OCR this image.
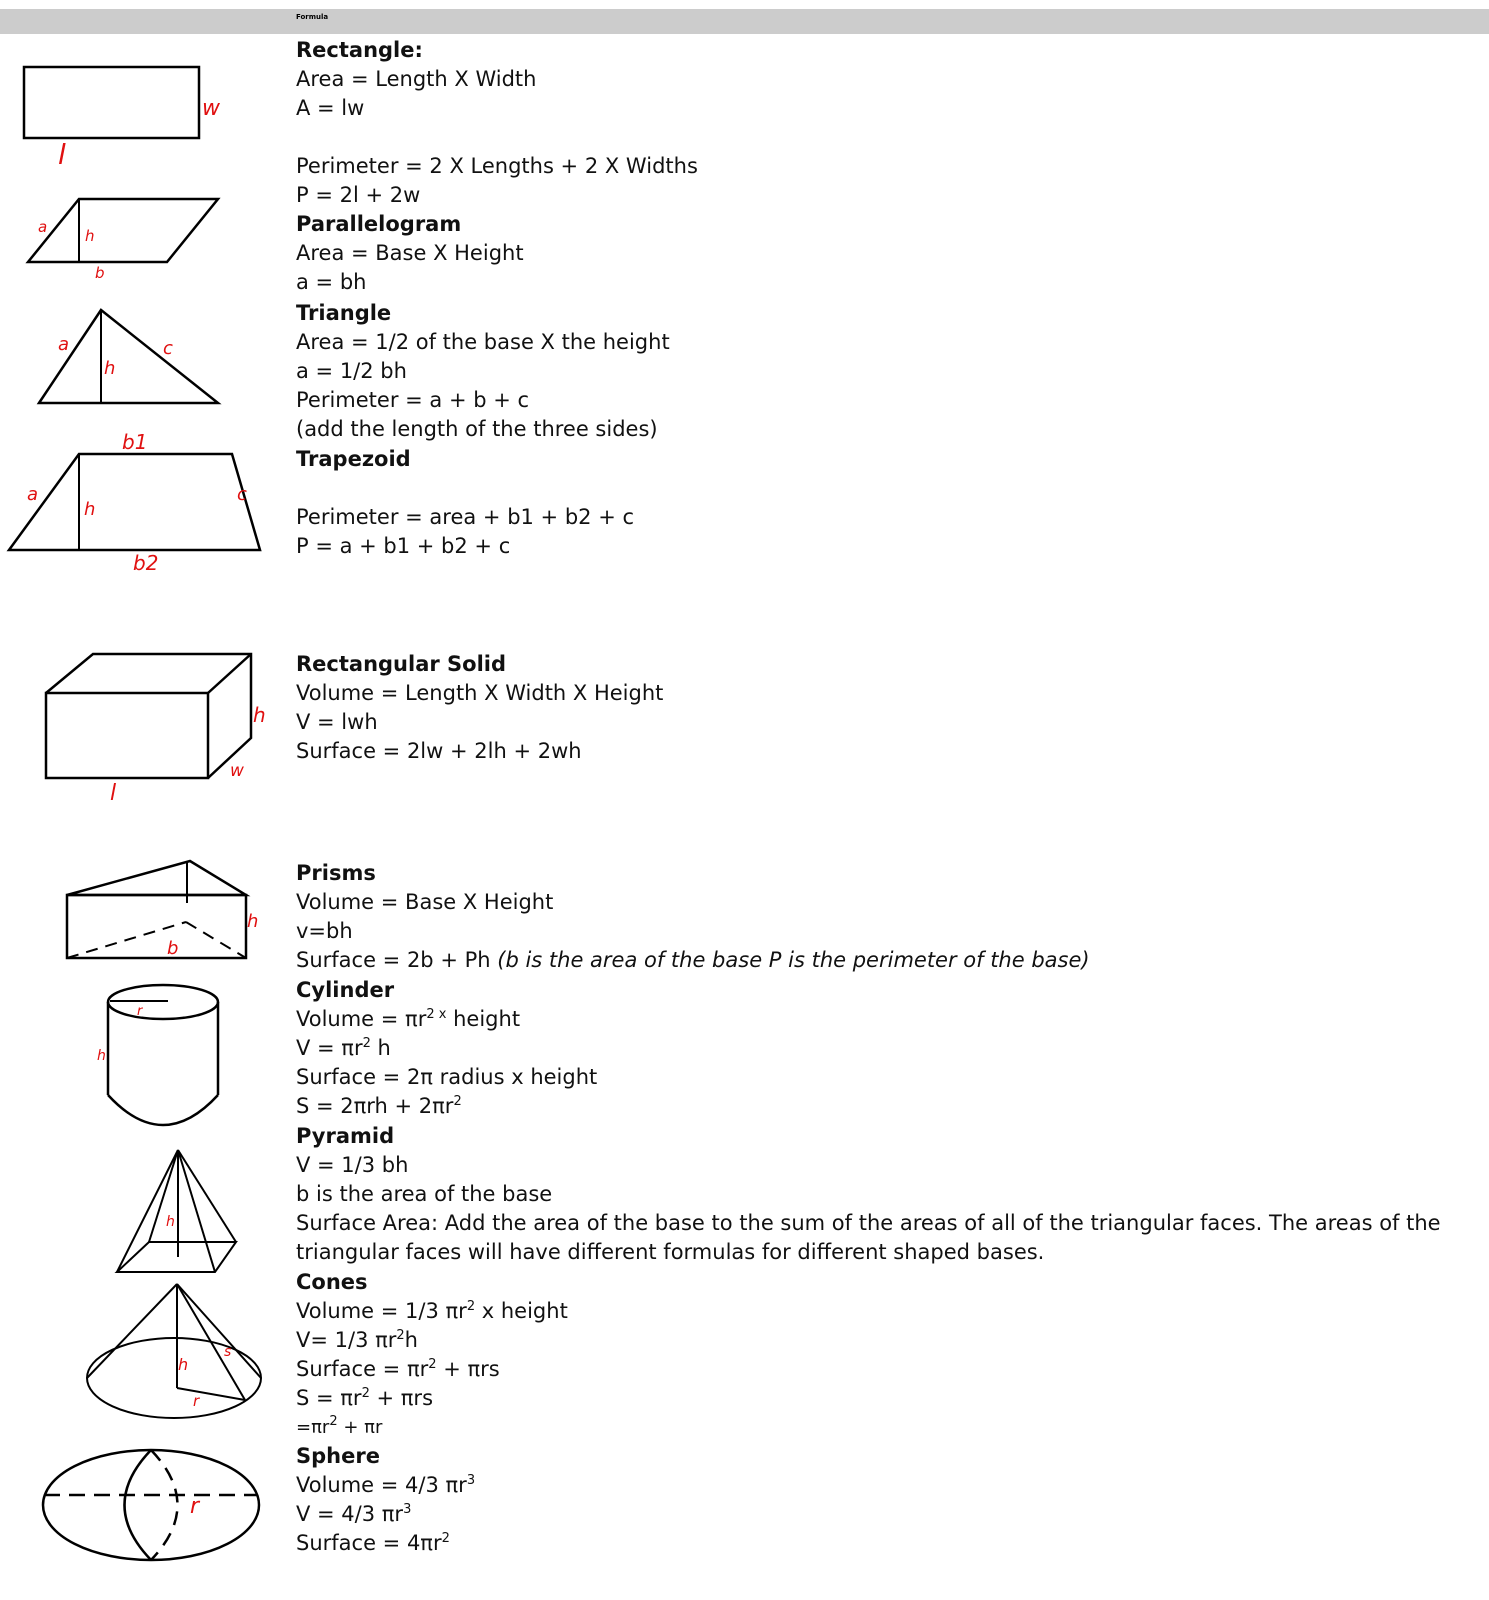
Formula
w
l
a	h
b
a	c
h
b1
a
h
c
b2
h
w
l
h
b
r
h
h
h
s
r
r
Rectangle:
Area = Length X Width
A = lw
Perimeter = 2 X Lengths + 2 X Widths
P = 2l + 2w
Parallelogram
Area = Base X Height
a = bh
Triangle
Area = 1/2 of the base X the height
a = 1/2 bh
Perimeter = a + b + c
(add the length of the three sides)
Trapezoid
Perimeter = area + b1 + b2 + c
P = a + b1 + b2 + c
Rectangular Solid
Volume = Length X Width X Height
V = lwh
Surface = 2lw + 2lh + 2wh
Prisms
Volume = Base X Height
v=bh
Surface = 2b + Ph (b is the area of the base P is the perimeter of the base)
Cylinder
Volume = $\pi r^{2 x}$ height
$V = \pi r^2$ h
Surface = 2π radius x height
$S = 2\pi rh + 2\pi r^2$
Pyramid
V = 1/3 bh
b is the area of the base
Surface Area: Add the area of the base to the sum of the areas of all of the triangular faces. The areas of the triangular faces will have different formulas for different shaped bases.
Cones
Volume = 1/3 $\pi r^2$ x height
V= 1/3 $\pi r^2h$
Surface = $\pi r^2 + \pi rs$
$S = \pi r^2 + \pi rs$
$=\pi r^2 + \pi r$
Sphere
Volume = 4/3 $\pi r^3$
V = 4/3 $\pi r^3$
Surface = $4\pi r^2$
